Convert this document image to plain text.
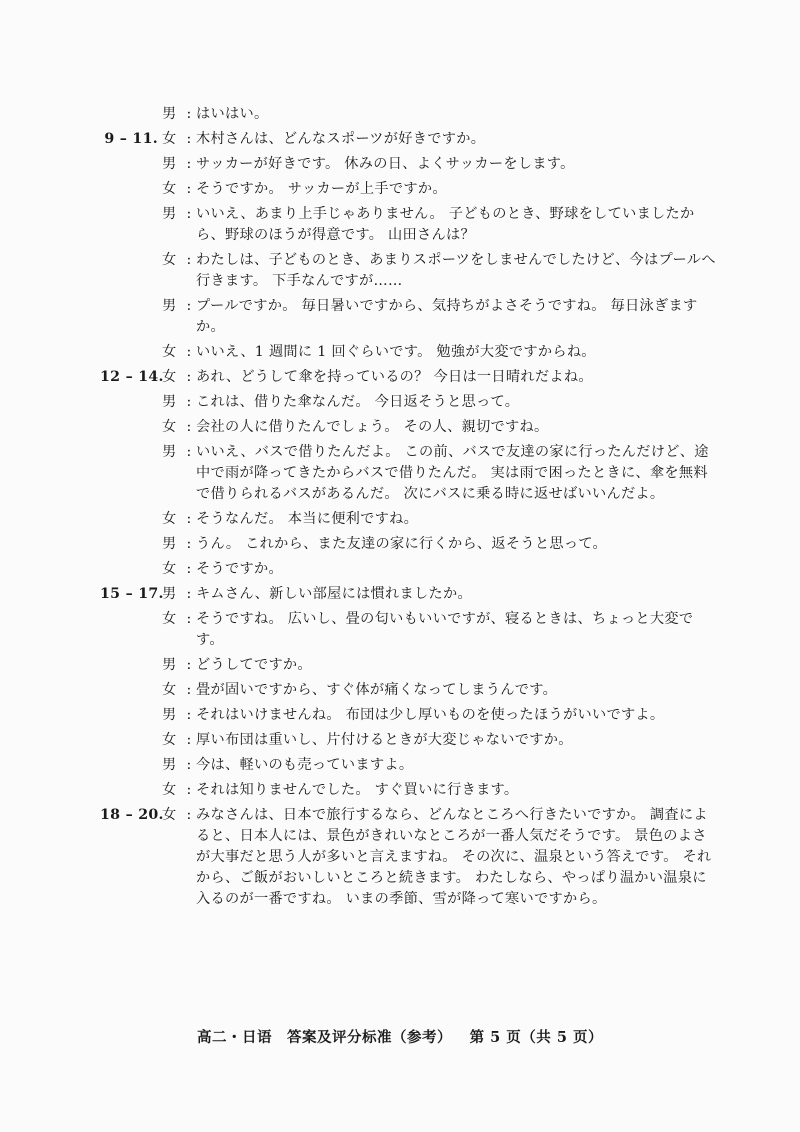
男 : はいはい。
9 – 11. 女 : 木村さんは、どんなスポーツが好きですか。
男 : サッカーが好きです。 休みの日、よくサッカーをします。
女 : そうですか。 サッカーが上手ですか。
男 : いいえ、あまり上手じゃありません。 子どものとき、野球をしていましたから、野球のほうが得意です。 山田さんは？
女 : わたしは、子どものとき、あまりスポーツをしませんでしたけど、今はプールへ行きます。 下手なんですが……
男 : プールですか。 毎日暑いですから、気持ちがよさそうですね。 毎日泳ぎますか。
女 : いいえ、1 週間に 1 回ぐらいです。 勉強が大変ですからね。
12 – 14.
女 : あれ、どうして傘を持っているの？ 今日は一日晴れだよね。
男 : これは、借りた傘なんだ。 今日返そうと思って。
女 : 会社の人に借りたんでしょう。 その人、親切ですね。
男 : いいえ、バスで借りたんだよ。 この前、バスで友達の家に行ったんだけど、途中で雨が降ってきたからバスで借りたんだ。 実は雨で困ったときに、傘を無料で借りられるバスがあるんだ。 次にバスに乗る時に返せばいいんだよ。
女 : そうなんだ。 本当に便利ですね。
男 : うん。 これから、また友達の家に行くから、返そうと思って。
女 : そうですか。
15 – 17.
男 : キムさん、新しい部屋には慣れましたか。
女 : そうですね。 広いし、畳の匂いもいいですが、寝るときは、ちょっと大変です。
男 : どうしてですか。
女 : 畳が固いですから、すぐ体が痛くなってしまうんです。
男 : それはいけませんね。 布団は少し厚いものを使ったほうがいいですよ。
女 : 厚い布団は重いし、片付けるときが大変じゃないですか。
男 : 今は、軽いのも売っていますよ。
女 : それは知りませんでした。 すぐ買いに行きます。
18 – 20.
女 : みなさんは、日本で旅行するなら、どんなところへ行きたいですか。 調査によると、日本人には、景色がきれいなところが一番人気だそうです。 景色のよさが大事だと思う人が多いと言えますね。 その次に、温泉という答えです。 それから、ご飯がおいしいところと続きます。 わたしなら、やっぱり温かい温泉に入るのが一番ですね。 いまの季節、雪が降って寒いですから。
高二・日语　答案及评分标准（参考） 第 5 页（共 5 页）
